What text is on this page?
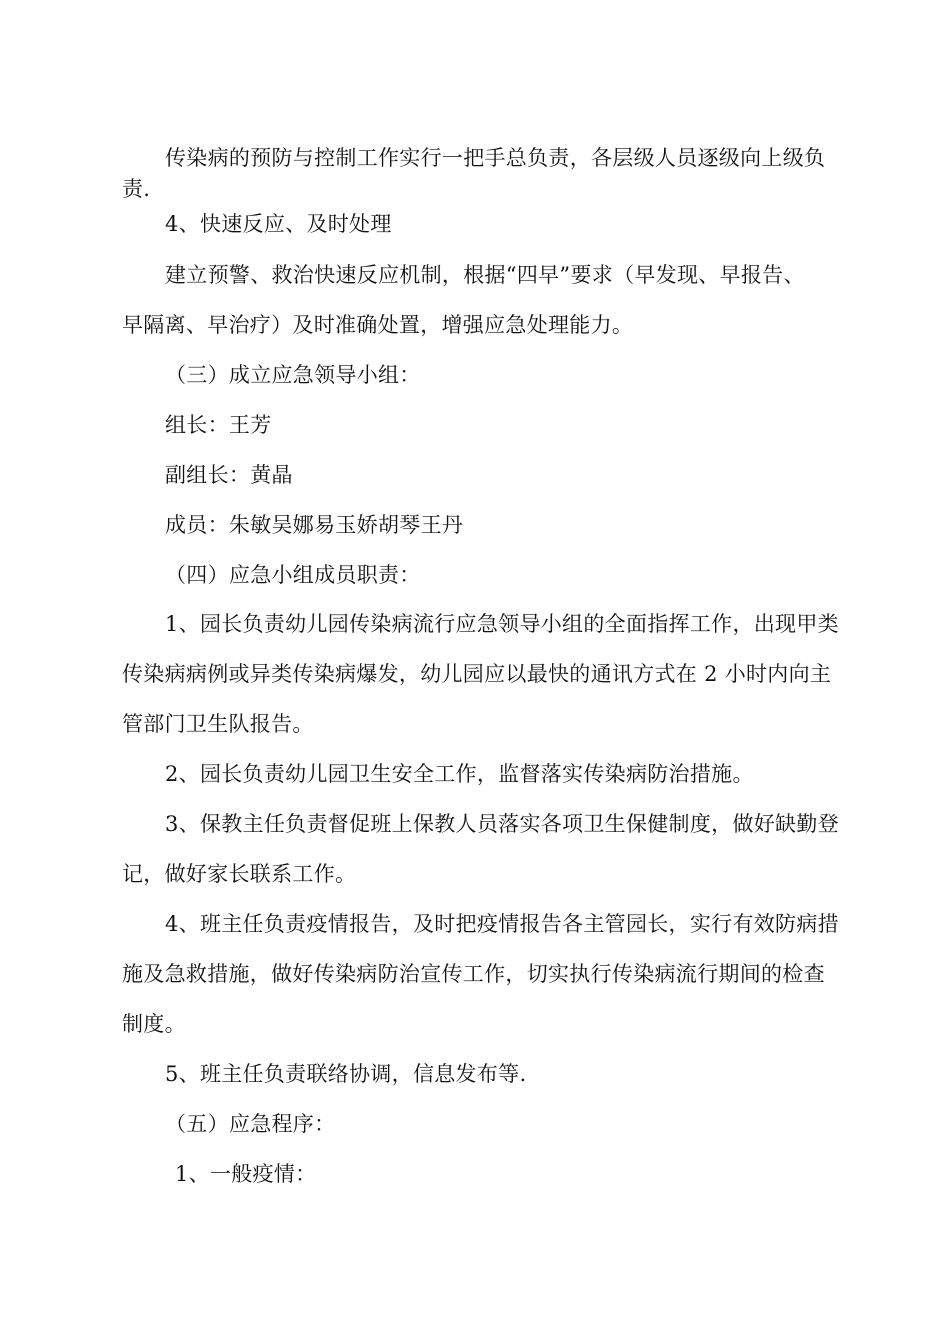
传染病的预防与控制工作实行一把手总负责，各层级人员逐级向上级负
责.
4、快速反应、及时处理
建立预警、救治快速反应机制，根据“四早”要求（早发现、早报告、
早隔离、早治疗）及时准确处置，增强应急处理能力。
（三）成立应急领导小组：
组长：王芳
副组长：黄晶
成员：朱敏吴娜易玉娇胡琴王丹
（四）应急小组成员职责：
1、园长负责幼儿园传染病流行应急领导小组的全面指挥工作，出现甲类
传染病病例或异类传染病爆发，幼儿园应以最快的通讯方式在 2 小时内向主
管部门卫生队报告。
2、园长负责幼儿园卫生安全工作，监督落实传染病防治措施。
3、保教主任负责督促班上保教人员落实各项卫生保健制度，做好缺勤登
记，做好家长联系工作。
4、班主任负责疫情报告，及时把疫情报告各主管园长，实行有效防病措
施及急救措施，做好传染病防治宣传工作，切实执行传染病流行期间的检查
制度。
5、班主任负责联络协调，信息发布等.
（五）应急程序：
1、一般疫情：
